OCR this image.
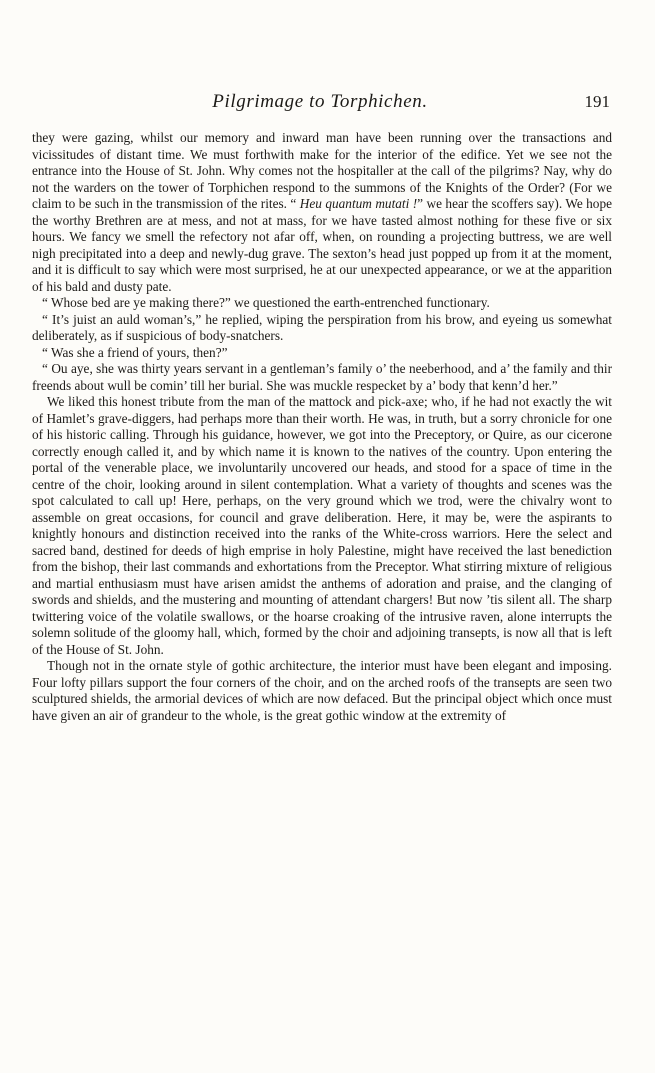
Pilgrimage to Torphichen.	191

they were gazing, whilst our memory and inward man have been running over the transactions and vicissitudes of distant time. We must forthwith make for the interior of the edifice. Yet we see not the entrance into the House of St. John. Why comes not the hospitaller at the call of the pilgrims? Nay, why do not the warders on the tower of Torphichen respond to the summons of the Knights of the Order? (For we claim to be such in the transmission of the rites. “ Heu quantum mutati !” we hear the scoffers say). We hope the worthy Brethren are at mess, and not at mass, for we have tasted almost nothing for these five or six hours. We fancy we smell the refectory not afar off, when, on rounding a projecting buttress, we are well nigh precipitated into a deep and newly-dug grave. The sexton’s head just popped up from it at the moment, and it is difficult to say which were most surprised, he at our unexpected appearance, or we at the apparition of his bald and dusty pate.

“ Whose bed are ye making there?” we questioned the earth-entrenched functionary.

“ It’s juist an auld woman’s,” he replied, wiping the perspiration from his brow, and eyeing us somewhat deliberately, as if suspicious of body-snatchers.

“ Was she a friend of yours, then?”

“ Ou aye, she was thirty years servant in a gentleman’s family o’ the neeberhood, and a’ the family and thir freends about wull be comin’ till her burial. She was muckle respecket by a’ body that kenn’d her.”

We liked this honest tribute from the man of the mattock and pick-axe; who, if he had not exactly the wit of Hamlet’s grave-diggers, had perhaps more than their worth. He was, in truth, but a sorry chronicle for one of his historic calling. Through his guidance, however, we got into the Preceptory, or Quire, as our cicerone correctly enough called it, and by which name it is known to the natives of the country. Upon entering the portal of the venerable place, we involuntarily uncovered our heads, and stood for a space of time in the centre of the choir, looking around in silent contemplation. What a variety of thoughts and scenes was the spot calculated to call up! Here, perhaps, on the very ground which we trod, were the chivalry wont to assemble on great occasions, for council and grave deliberation. Here, it may be, were the aspirants to knightly honours and distinction received into the ranks of the White-cross warriors. Here the select and sacred band, destined for deeds of high emprise in holy Palestine, might have received the last benediction from the bishop, their last commands and exhortations from the Preceptor. What stirring mixture of religious and martial enthusiasm must have arisen amidst the anthems of adoration and praise, and the clanging of swords and shields, and the mustering and mounting of attendant chargers! But now ’tis silent all. The sharp twittering voice of the volatile swallows, or the hoarse croaking of the intrusive raven, alone interrupts the solemn solitude of the gloomy hall, which, formed by the choir and adjoining transepts, is now all that is left of the House of St. John.

Though not in the ornate style of gothic architecture, the interior must have been elegant and imposing. Four lofty pillars support the four corners of the choir, and on the arched roofs of the transepts are seen two sculptured shields, the armorial devices of which are now defaced. But the principal object which once must have given an air of grandeur to the whole, is the great gothic window at the extremity of
